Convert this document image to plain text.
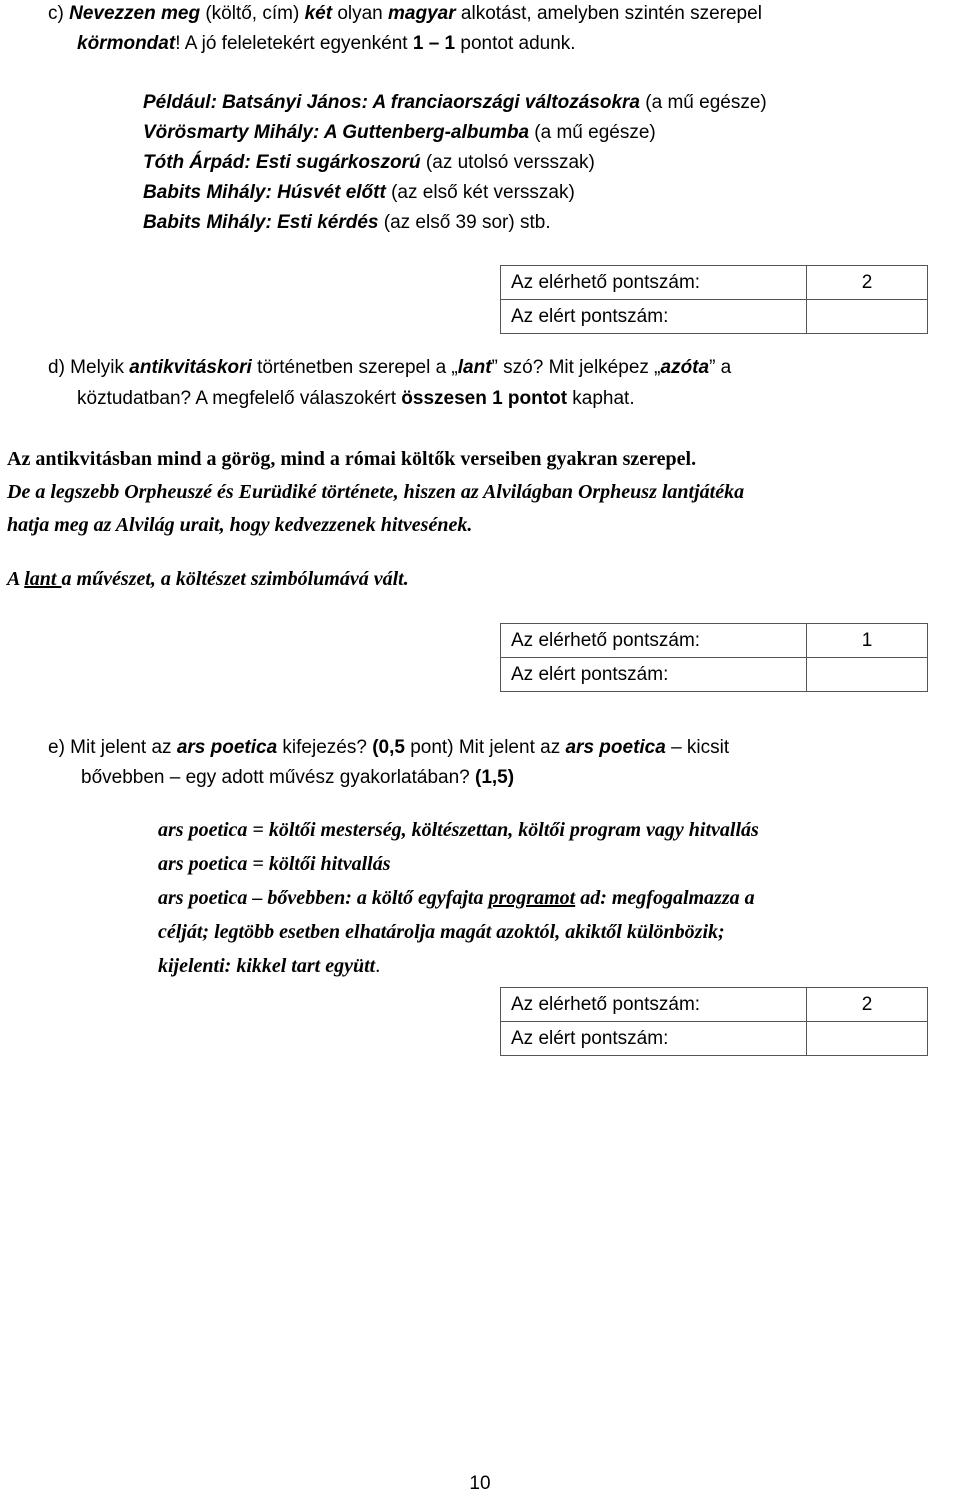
c) Nevezzen meg (költő, cím) két olyan magyar alkotást, amelyben szintén szerepel
körmondat! A jó feleletekért egyenként 1 – 1 pontot adunk.
Például: Batsányi János: A franciaországi változásokra (a mű egésze)
Vörösmarty Mihály: A Guttenberg-albumba (a mű egésze)
Tóth Árpád: Esti sugárkoszorú (az utolsó versszak)
Babits Mihály: Húsvét előtt (az első két versszak)
Babits Mihály: Esti kérdés (az első 39 sor) stb.
Az elérhető pontszám:	2
Az elért pontszám:	
d) Melyik antikvitáskori történetben szerepel a „lant” szó? Mit jelképez „azóta” a
köztudatban? A megfelelő válaszokért összesen 1 pontot kaphat.
Az antikvitásban mind a görög, mind a római költők verseiben gyakran szerepel.
De a legszebb Orpheuszé és Eurüdiké története, hiszen az Alvilágban Orpheusz lantjátéka
hatja meg az Alvilág urait, hogy kedvezzenek hitvesének.
A lant a művészet, a költészet szimbólumává vált.
Az elérhető pontszám:	1
Az elért pontszám:	
e) Mit jelent az ars poetica kifejezés? (0,5 pont) Mit jelent az ars poetica – kicsit
bővebben – egy adott művész gyakorlatában? (1,5)
ars poetica = költői mesterség, költészettan, költői program vagy hitvallás
ars poetica = költői hitvallás
ars poetica – bővebben: a költő egyfajta programot ad: megfogalmazza a
célját; legtöbb esetben elhatárolja magát azoktól, akiktől különbözik;
kijelenti: kikkel tart együtt.
Az elérhető pontszám:	2
Az elért pontszám:	
10
